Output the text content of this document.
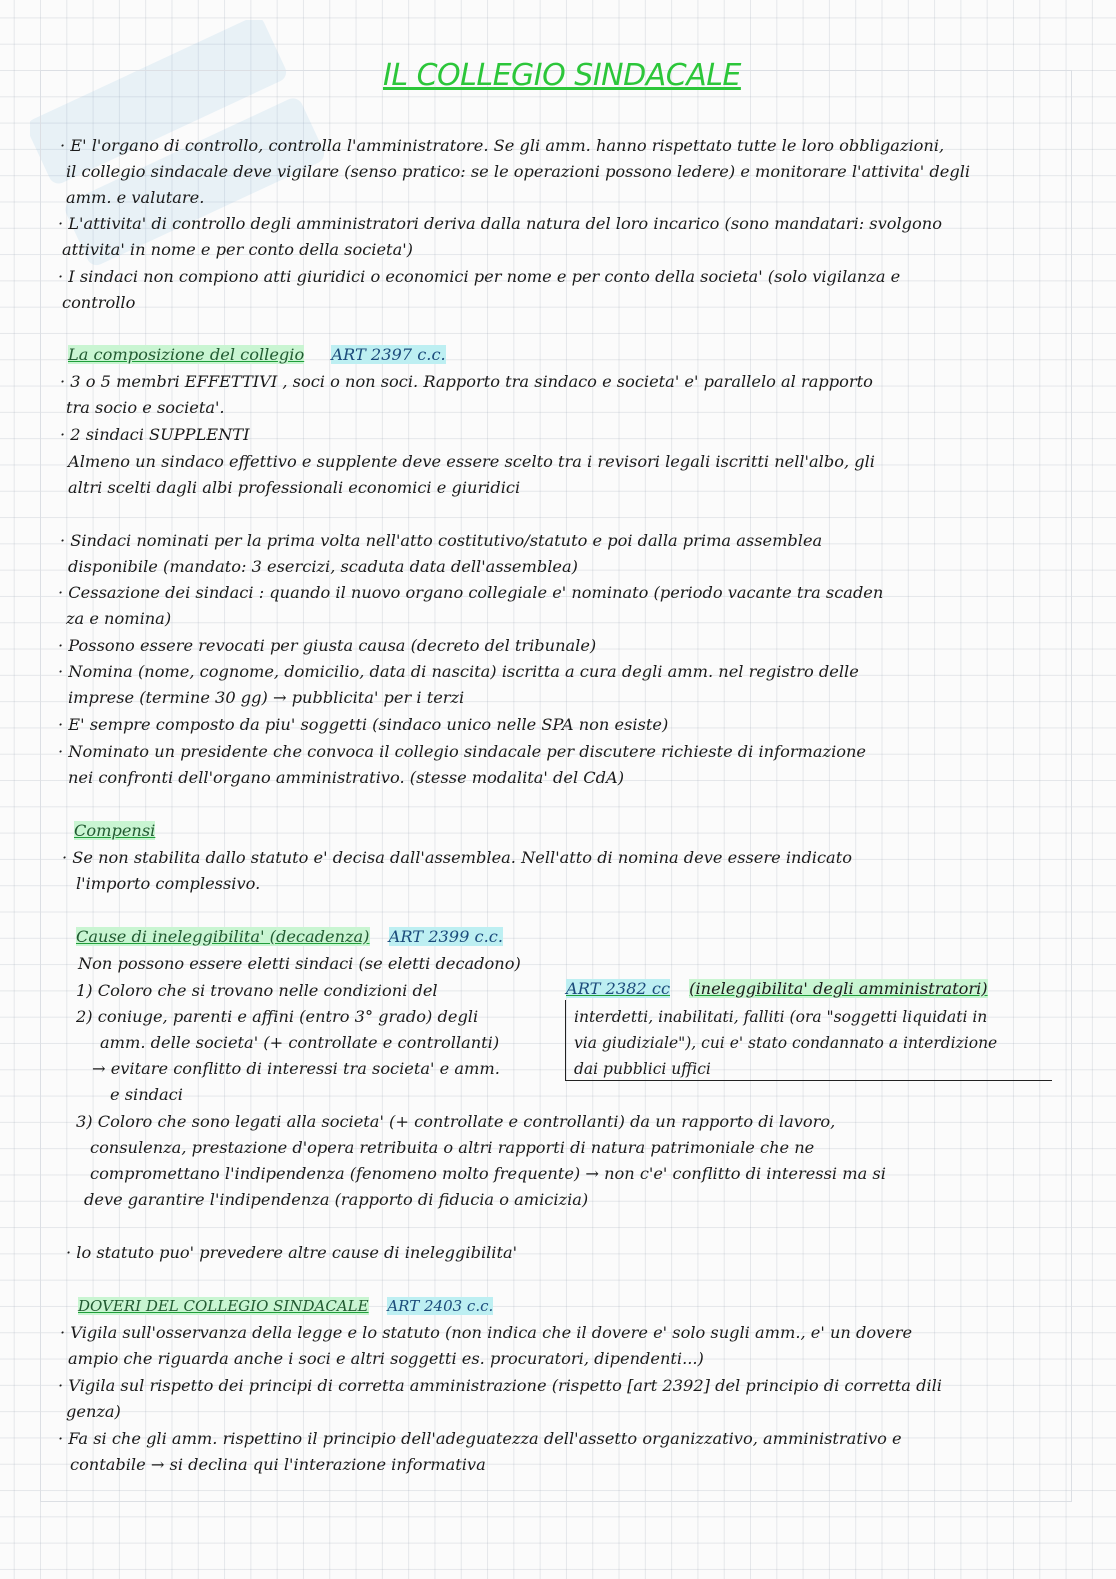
IL COLLEGIO SINDACALE
· E' l'organo di controllo, controlla l'amministratore. Se gli amm. hanno rispettato tutte le loro obbligazioni,
il collegio sindacale deve vigilare (senso pratico: se le operazioni possono ledere) e monitorare l'attivita' degli
amm. e valutare.
· L'attivita' di controllo degli amministratori deriva dalla natura del loro incarico (sono mandatari: svolgono
attivita' in nome e per conto della societa')
· I sindaci non compiono atti giuridici o economici per nome e per conto della societa' (solo vigilanza e
controllo
La composizione del collegio ART 2397 c.c.
· 3 o 5 membri EFFETTIVI , soci o non soci. Rapporto tra sindaco e societa' e' parallelo al rapporto
tra socio e societa'.
· 2 sindaci SUPPLENTI
Almeno un sindaco effettivo e supplente deve essere scelto tra i revisori legali iscritti nell'albo, gli
altri scelti dagli albi professionali economici e giuridici
· Sindaci nominati per la prima volta nell'atto costitutivo/statuto e poi dalla prima assemblea
disponibile (mandato: 3 esercizi, scaduta data dell'assemblea)
· Cessazione dei sindaci : quando il nuovo organo collegiale e' nominato (periodo vacante tra scaden
za e nomina)
· Possono essere revocati per giusta causa (decreto del tribunale)
· Nomina (nome, cognome, domicilio, data di nascita) iscritta a cura degli amm. nel registro delle
imprese (termine 30 gg) → pubblicita' per i terzi
· E' sempre composto da piu' soggetti (sindaco unico nelle SPA non esiste)
· Nominato un presidente che convoca il collegio sindacale per discutere richieste di informazione
nei confronti dell'organo amministrativo. (stesse modalita' del CdA)
Compensi
· Se non stabilita dallo statuto e' decisa dall'assemblea. Nell'atto di nomina deve essere indicato
l'importo complessivo.
Cause di ineleggibilita' (decadenza) ART 2399 c.c.
Non possono essere eletti sindaci (se eletti decadono)
1) Coloro che si trovano nelle condizioni del
2) coniuge, parenti e affini (entro 3° grado) degli
amm. delle societa' (+ controllate e controllanti)
→ evitare conflitto di interessi tra societa' e amm.
e sindaci
ART 2382 cc (ineleggibilita' degli amministratori)
interdetti, inabilitati, falliti (ora "soggetti liquidati in
via giudiziale"), cui e' stato condannato a interdizione
dai pubblici uffici
3) Coloro che sono legati alla societa' (+ controllate e controllanti) da un rapporto di lavoro,
consulenza, prestazione d'opera retribuita o altri rapporti di natura patrimoniale che ne
compromettano l'indipendenza (fenomeno molto frequente) → non c'e' conflitto di interessi ma si
deve garantire l'indipendenza (rapporto di fiducia o amicizia)
· lo statuto puo' prevedere altre cause di ineleggibilita'
DOVERI DEL COLLEGIO SINDACALE ART 2403 c.c.
· Vigila sull'osservanza della legge e lo statuto (non indica che il dovere e' solo sugli amm., e' un dovere
ampio che riguarda anche i soci e altri soggetti es. procuratori, dipendenti...)
· Vigila sul rispetto dei principi di corretta amministrazione (rispetto [art 2392] del principio di corretta dili
genza)
· Fa si che gli amm. rispettino il principio dell'adeguatezza dell'assetto organizzativo, amministrativo e
contabile → si declina qui l'interazione informativa
